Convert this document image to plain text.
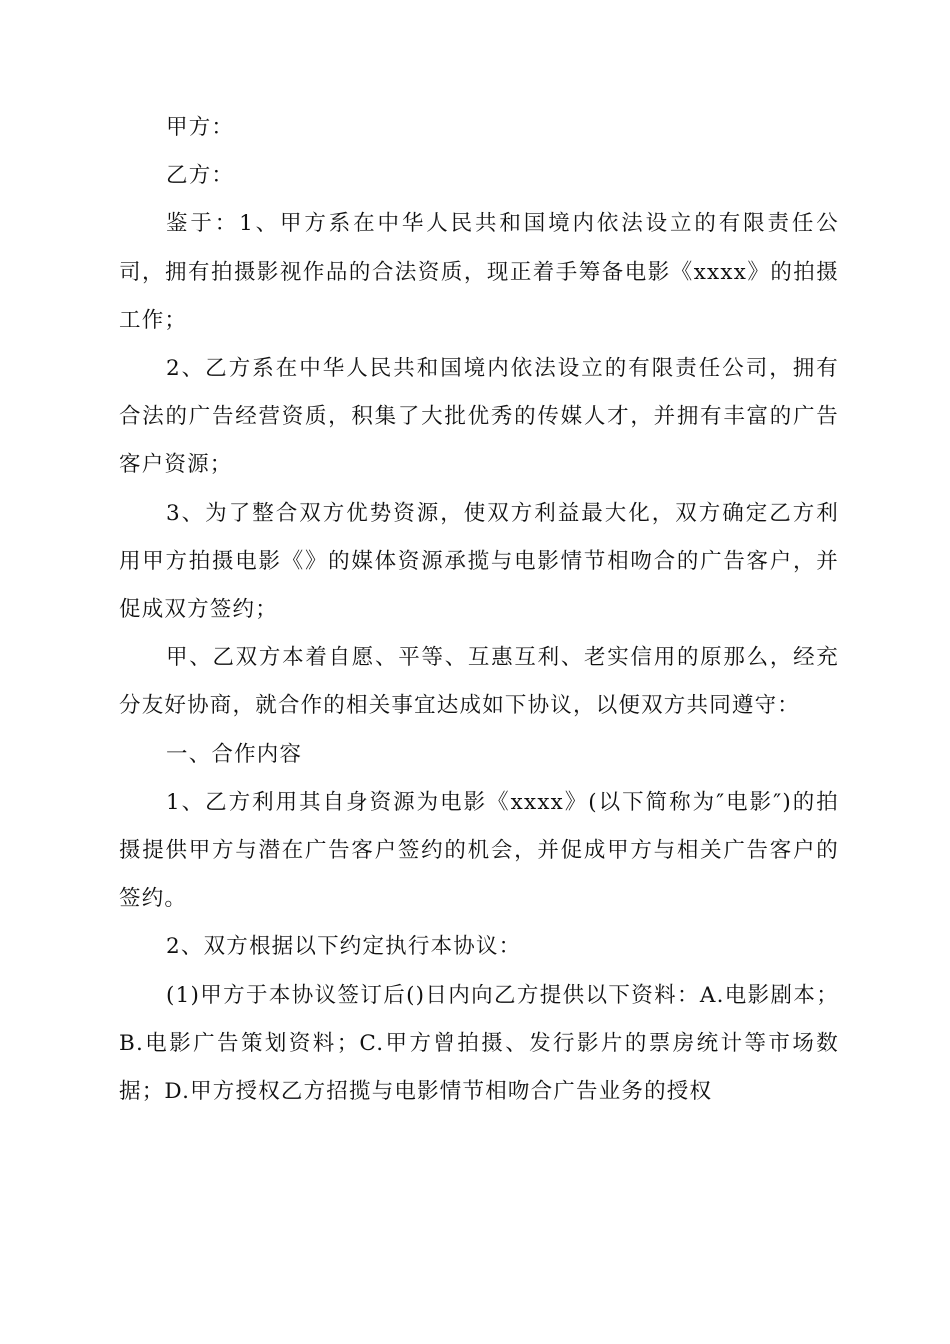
甲方：

乙方：

鉴于：1、甲方系在中华人民共和国境内依法设立的有限责任公司，拥有拍摄影视作品的合法资质，现正着手筹备电影《xxxx》的拍摄工作；

2、乙方系在中华人民共和国境内依法设立的有限责任公司，拥有合法的广告经营资质，积集了大批优秀的传媒人才，并拥有丰富的广告客户资源；

3、为了整合双方优势资源，使双方利益最大化，双方确定乙方利用甲方拍摄电影《》的媒体资源承揽与电影情节相吻合的广告客户，并促成双方签约；

甲、乙双方本着自愿、平等、互惠互利、老实信用的原那么，经充分友好协商，就合作的相关事宜达成如下协议，以便双方共同遵守：

一、合作内容

1、乙方利用其自身资源为电影《xxxx》(以下简称为″电影″)的拍摄提供甲方与潜在广告客户签约的机会，并促成甲方与相关广告客户的签约。

2、双方根据以下约定执行本协议：

(1)甲方于本协议签订后()日内向乙方提供以下资料：A.电影剧本；B.电影广告策划资料；C.甲方曾拍摄、发行影片的票房统计等市场数据；D.甲方授权乙方招揽与电影情节相吻合广告业务的授权
